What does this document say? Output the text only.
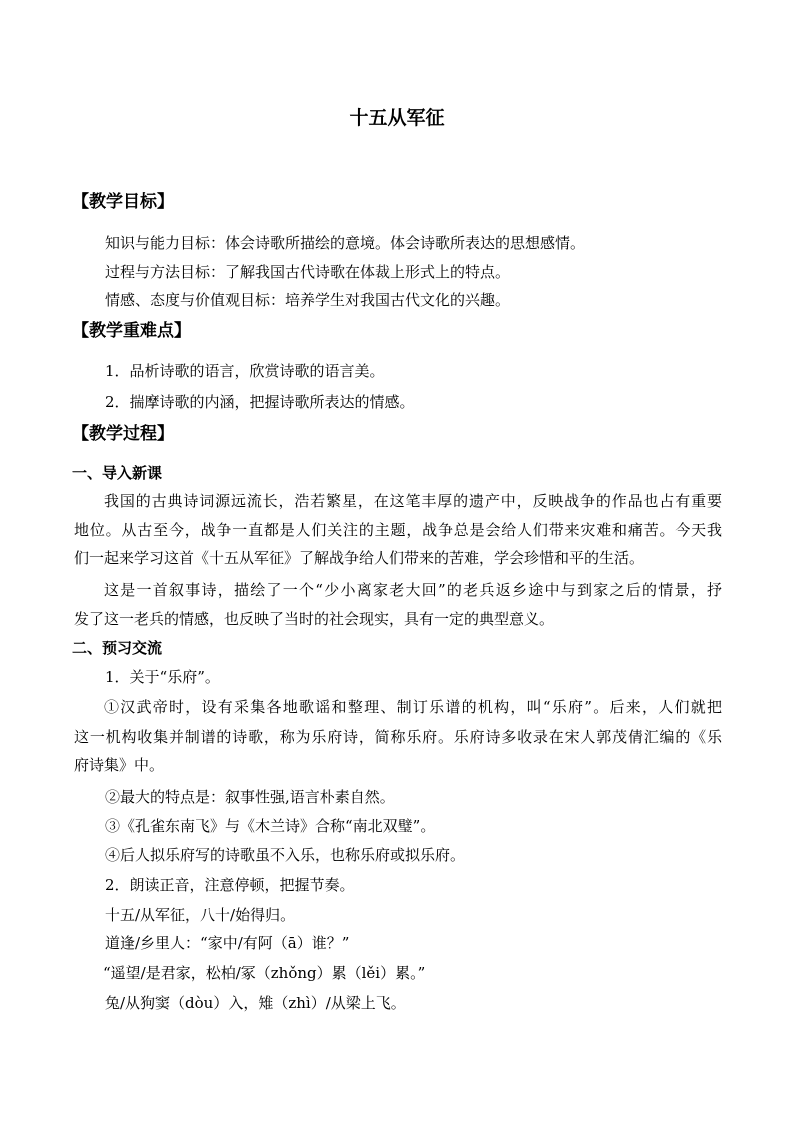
十五从军征
【教学目标】
知识与能力目标：体会诗歌所描绘的意境。体会诗歌所表达的思想感情。
过程与方法目标：了解我国古代诗歌在体裁上形式上的特点。
情感、态度与价值观目标：培养学生对我国古代文化的兴趣。
【教学重难点】
1．品析诗歌的语言，欣赏诗歌的语言美。
2．揣摩诗歌的内涵，把握诗歌所表达的情感。
【教学过程】
一、导入新课
我国的古典诗词源远流长，浩若繁星，在这笔丰厚的遗产中，反映战争的作品也占有重要
地位。从古至今，战争一直都是人们关注的主题，战争总是会给人们带来灾难和痛苦。今天我
们一起来学习这首《十五从军征》了解战争给人们带来的苦难，学会珍惜和平的生活。
这是一首叙事诗，描绘了一个“少小离家老大回”的老兵返乡途中与到家之后的情景，抒
发了这一老兵的情感，也反映了当时的社会现实，具有一定的典型意义。
二、预习交流
1．关于“乐府”。
①汉武帝时，设有采集各地歌谣和整理、制订乐谱的机构，叫“乐府”。后来，人们就把
这一机构收集并制谱的诗歌，称为乐府诗，简称乐府。乐府诗多收录在宋人郭茂倩汇编的《乐
府诗集》中。
②最大的特点是：叙事性强,语言朴素自然。
③《孔雀东南飞》与《木兰诗》合称“南北双璧”。
④后人拟乐府写的诗歌虽不入乐，也称乐府或拟乐府。
2．朗读正音，注意停顿，把握节奏。
十五/从军征，八十/始得归。
道逢/乡里人：“家中/有阿（ā）谁？”
“遥望/是君家，松柏/冢（zhǒng）累（lěi）累。”
兔/从狗窦（dòu）入，雉（zhì）/从梁上飞。
